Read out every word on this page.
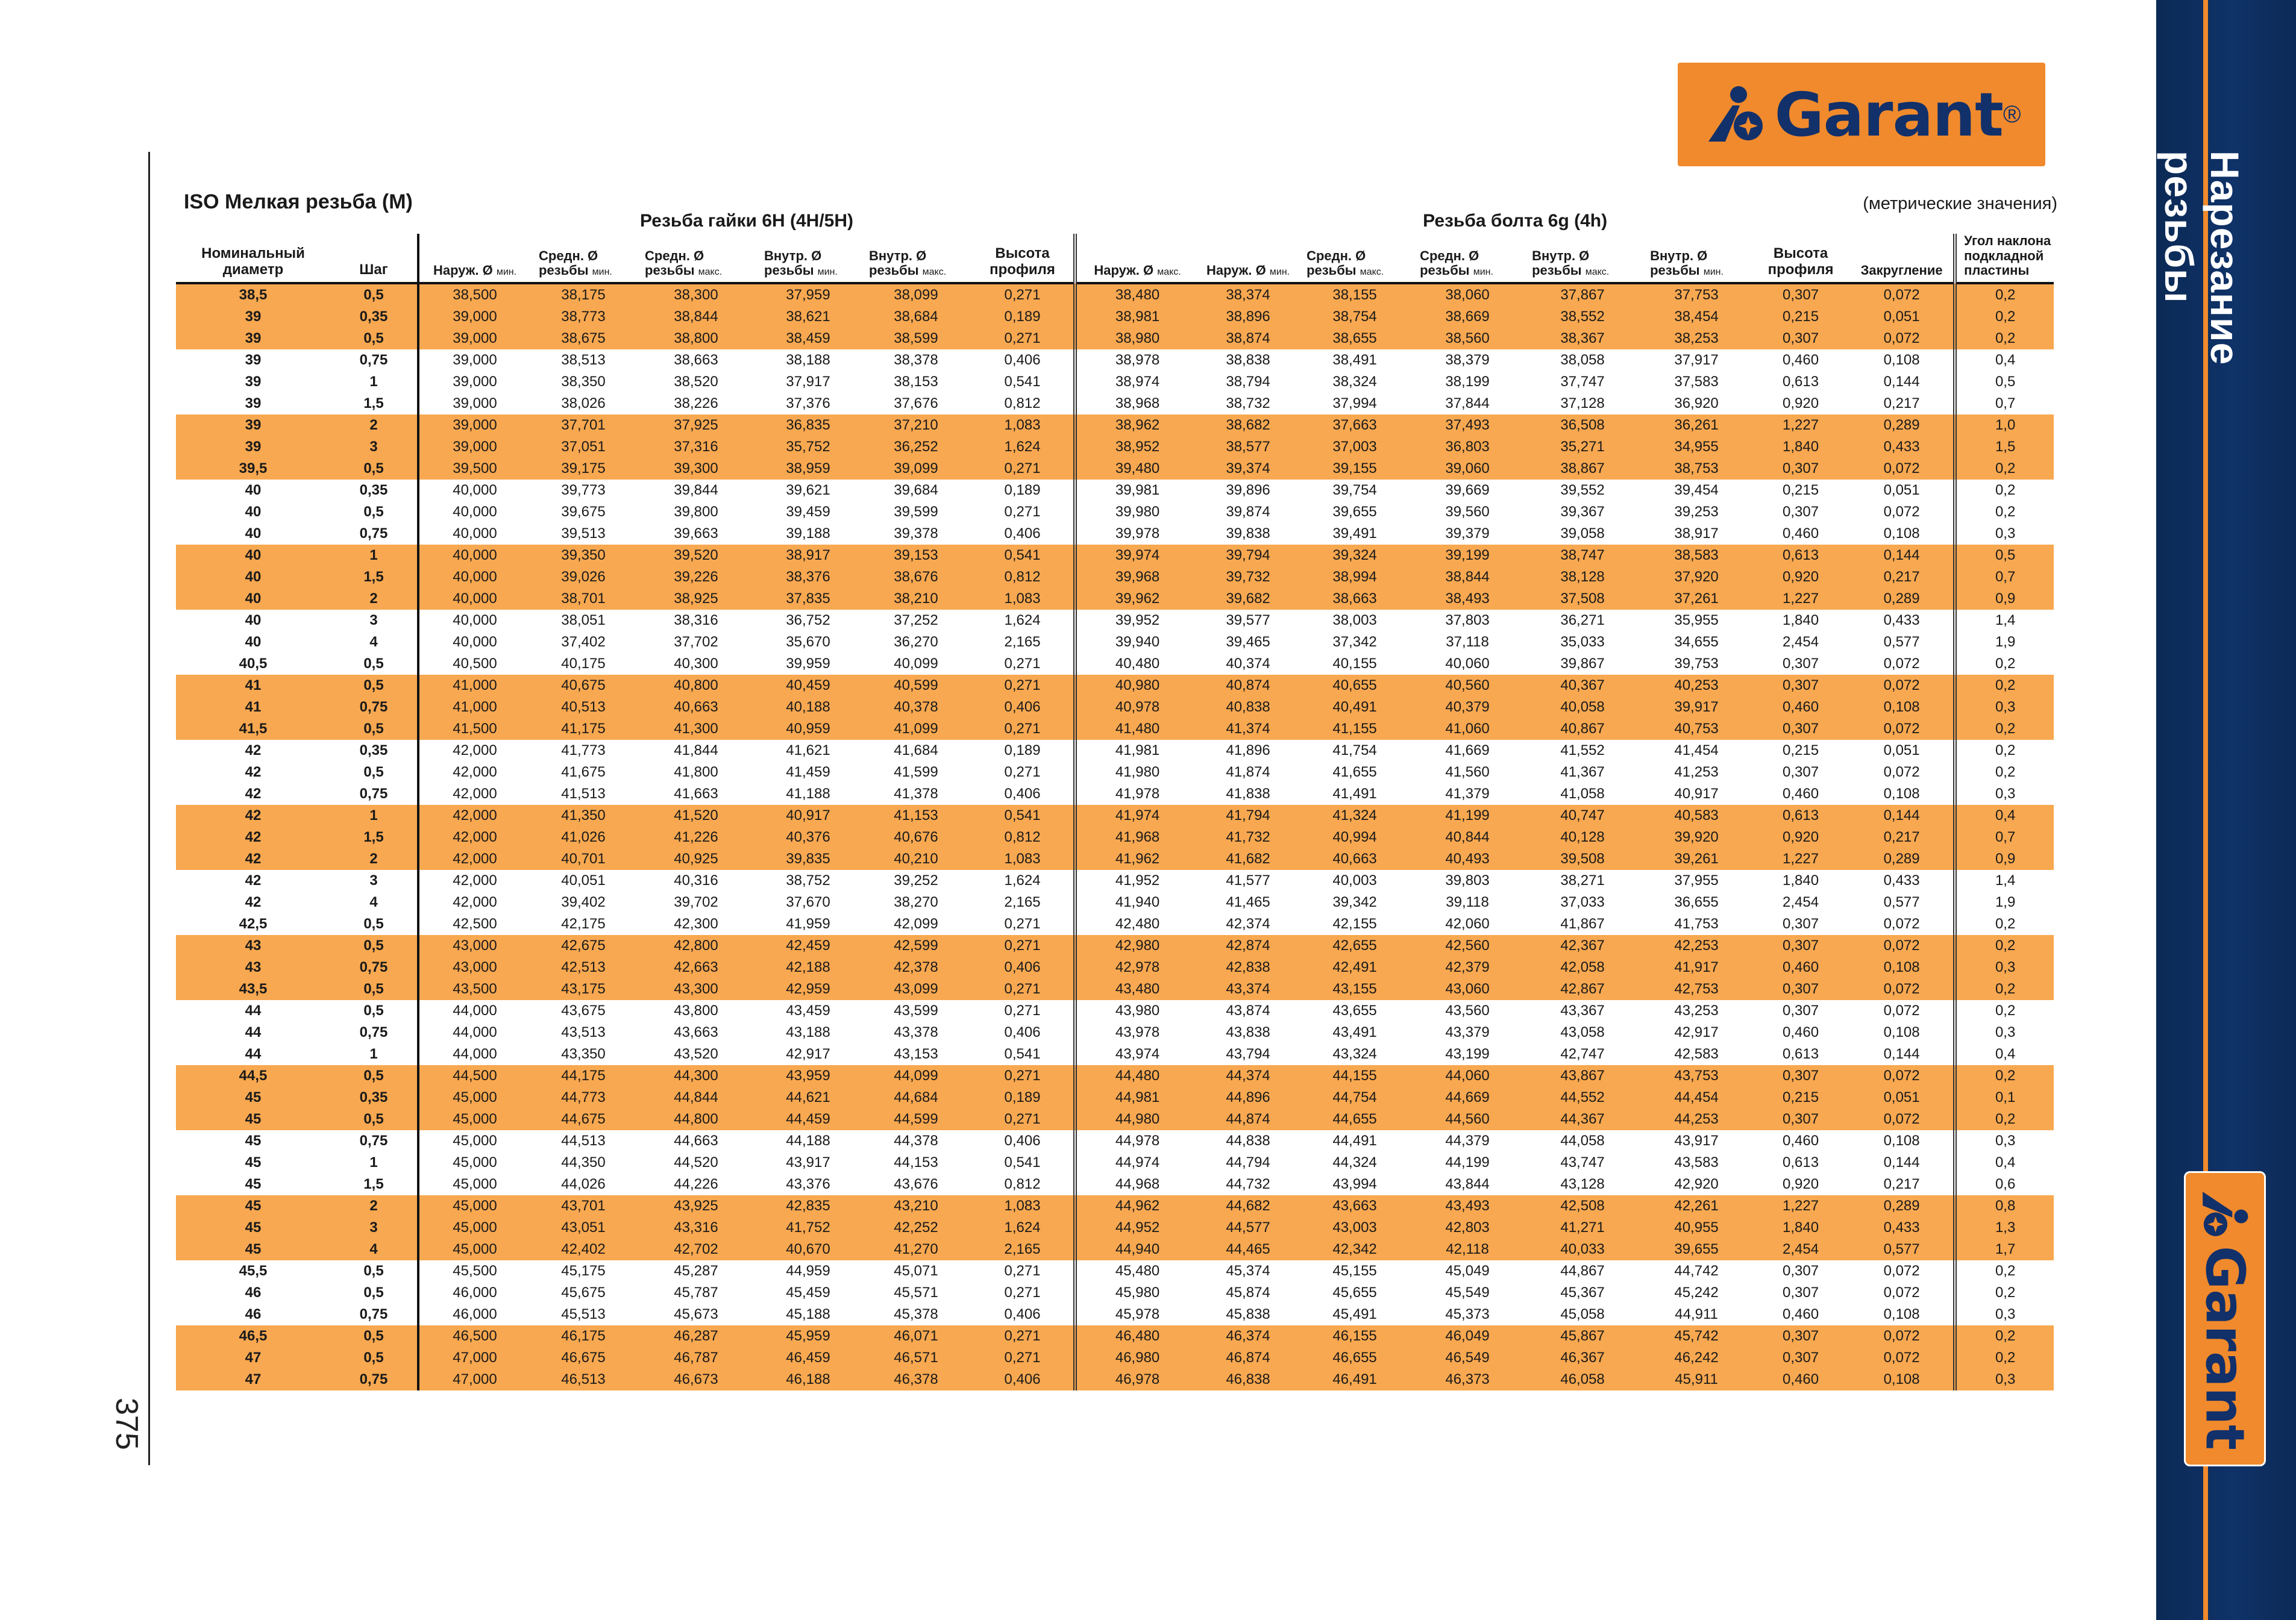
Нарезание резьбы
Garant ®
Garant
375
ISO Мелкая резьба (M)	(метрические значения)
		Резьба гайки 6H (4H/5H)						Резьба болта 6g (4h)								
Номинальный диаметр	Шаг	Наруж. Ø мин.	Средн. Ø резьбы мин.	Средн. Ø резьбы макс.	Внутр. Ø резьбы мин.	Внутр. Ø резьбы макс.	Высота профиля	Наруж. Ø макс.	Наруж. Ø мин.	Средн. Ø резьбы макс.	Средн. Ø резьбы мин.	Внутр. Ø резьбы макс.	Внутр. Ø резьбы мин.	Высота профиля	Закругление	Угол наклона подкладной пластины
38,5	0,5	38,500	38,175	38,300	37,959	38,099	0,271	38,480	38,374	38,155	38,060	37,867	37,753	0,307	0,072	0,2
39	0,35	39,000	38,773	38,844	38,621	38,684	0,189	38,981	38,896	38,754	38,669	38,552	38,454	0,215	0,051	0,2
39	0,5	39,000	38,675	38,800	38,459	38,599	0,271	38,980	38,874	38,655	38,560	38,367	38,253	0,307	0,072	0,2
39	0,75	39,000	38,513	38,663	38,188	38,378	0,406	38,978	38,838	38,491	38,379	38,058	37,917	0,460	0,108	0,4
39	1	39,000	38,350	38,520	37,917	38,153	0,541	38,974	38,794	38,324	38,199	37,747	37,583	0,613	0,144	0,5
39	1,5	39,000	38,026	38,226	37,376	37,676	0,812	38,968	38,732	37,994	37,844	37,128	36,920	0,920	0,217	0,7
39	2	39,000	37,701	37,925	36,835	37,210	1,083	38,962	38,682	37,663	37,493	36,508	36,261	1,227	0,289	1,0
39	3	39,000	37,051	37,316	35,752	36,252	1,624	38,952	38,577	37,003	36,803	35,271	34,955	1,840	0,433	1,5
39,5	0,5	39,500	39,175	39,300	38,959	39,099	0,271	39,480	39,374	39,155	39,060	38,867	38,753	0,307	0,072	0,2
40	0,35	40,000	39,773	39,844	39,621	39,684	0,189	39,981	39,896	39,754	39,669	39,552	39,454	0,215	0,051	0,2
40	0,5	40,000	39,675	39,800	39,459	39,599	0,271	39,980	39,874	39,655	39,560	39,367	39,253	0,307	0,072	0,2
40	0,75	40,000	39,513	39,663	39,188	39,378	0,406	39,978	39,838	39,491	39,379	39,058	38,917	0,460	0,108	0,3
40	1	40,000	39,350	39,520	38,917	39,153	0,541	39,974	39,794	39,324	39,199	38,747	38,583	0,613	0,144	0,5
40	1,5	40,000	39,026	39,226	38,376	38,676	0,812	39,968	39,732	38,994	38,844	38,128	37,920	0,920	0,217	0,7
40	2	40,000	38,701	38,925	37,835	38,210	1,083	39,962	39,682	38,663	38,493	37,508	37,261	1,227	0,289	0,9
40	3	40,000	38,051	38,316	36,752	37,252	1,624	39,952	39,577	38,003	37,803	36,271	35,955	1,840	0,433	1,4
40	4	40,000	37,402	37,702	35,670	36,270	2,165	39,940	39,465	37,342	37,118	35,033	34,655	2,454	0,577	1,9
40,5	0,5	40,500	40,175	40,300	39,959	40,099	0,271	40,480	40,374	40,155	40,060	39,867	39,753	0,307	0,072	0,2
41	0,5	41,000	40,675	40,800	40,459	40,599	0,271	40,980	40,874	40,655	40,560	40,367	40,253	0,307	0,072	0,2
41	0,75	41,000	40,513	40,663	40,188	40,378	0,406	40,978	40,838	40,491	40,379	40,058	39,917	0,460	0,108	0,3
41,5	0,5	41,500	41,175	41,300	40,959	41,099	0,271	41,480	41,374	41,155	41,060	40,867	40,753	0,307	0,072	0,2
42	0,35	42,000	41,773	41,844	41,621	41,684	0,189	41,981	41,896	41,754	41,669	41,552	41,454	0,215	0,051	0,2
42	0,5	42,000	41,675	41,800	41,459	41,599	0,271	41,980	41,874	41,655	41,560	41,367	41,253	0,307	0,072	0,2
42	0,75	42,000	41,513	41,663	41,188	41,378	0,406	41,978	41,838	41,491	41,379	41,058	40,917	0,460	0,108	0,3
42	1	42,000	41,350	41,520	40,917	41,153	0,541	41,974	41,794	41,324	41,199	40,747	40,583	0,613	0,144	0,4
42	1,5	42,000	41,026	41,226	40,376	40,676	0,812	41,968	41,732	40,994	40,844	40,128	39,920	0,920	0,217	0,7
42	2	42,000	40,701	40,925	39,835	40,210	1,083	41,962	41,682	40,663	40,493	39,508	39,261	1,227	0,289	0,9
42	3	42,000	40,051	40,316	38,752	39,252	1,624	41,952	41,577	40,003	39,803	38,271	37,955	1,840	0,433	1,4
42	4	42,000	39,402	39,702	37,670	38,270	2,165	41,940	41,465	39,342	39,118	37,033	36,655	2,454	0,577	1,9
42,5	0,5	42,500	42,175	42,300	41,959	42,099	0,271	42,480	42,374	42,155	42,060	41,867	41,753	0,307	0,072	0,2
43	0,5	43,000	42,675	42,800	42,459	42,599	0,271	42,980	42,874	42,655	42,560	42,367	42,253	0,307	0,072	0,2
43	0,75	43,000	42,513	42,663	42,188	42,378	0,406	42,978	42,838	42,491	42,379	42,058	41,917	0,460	0,108	0,3
43,5	0,5	43,500	43,175	43,300	42,959	43,099	0,271	43,480	43,374	43,155	43,060	42,867	42,753	0,307	0,072	0,2
44	0,5	44,000	43,675	43,800	43,459	43,599	0,271	43,980	43,874	43,655	43,560	43,367	43,253	0,307	0,072	0,2
44	0,75	44,000	43,513	43,663	43,188	43,378	0,406	43,978	43,838	43,491	43,379	43,058	42,917	0,460	0,108	0,3
44	1	44,000	43,350	43,520	42,917	43,153	0,541	43,974	43,794	43,324	43,199	42,747	42,583	0,613	0,144	0,4
44,5	0,5	44,500	44,175	44,300	43,959	44,099	0,271	44,480	44,374	44,155	44,060	43,867	43,753	0,307	0,072	0,2
45	0,35	45,000	44,773	44,844	44,621	44,684	0,189	44,981	44,896	44,754	44,669	44,552	44,454	0,215	0,051	0,1
45	0,5	45,000	44,675	44,800	44,459	44,599	0,271	44,980	44,874	44,655	44,560	44,367	44,253	0,307	0,072	0,2
45	0,75	45,000	44,513	44,663	44,188	44,378	0,406	44,978	44,838	44,491	44,379	44,058	43,917	0,460	0,108	0,3
45	1	45,000	44,350	44,520	43,917	44,153	0,541	44,974	44,794	44,324	44,199	43,747	43,583	0,613	0,144	0,4
45	1,5	45,000	44,026	44,226	43,376	43,676	0,812	44,968	44,732	43,994	43,844	43,128	42,920	0,920	0,217	0,6
45	2	45,000	43,701	43,925	42,835	43,210	1,083	44,962	44,682	43,663	43,493	42,508	42,261	1,227	0,289	0,8
45	3	45,000	43,051	43,316	41,752	42,252	1,624	44,952	44,577	43,003	42,803	41,271	40,955	1,840	0,433	1,3
45	4	45,000	42,402	42,702	40,670	41,270	2,165	44,940	44,465	42,342	42,118	40,033	39,655	2,454	0,577	1,7
45,5	0,5	45,500	45,175	45,287	44,959	45,071	0,271	45,480	45,374	45,155	45,049	44,867	44,742	0,307	0,072	0,2
46	0,5	46,000	45,675	45,787	45,459	45,571	0,271	45,980	45,874	45,655	45,549	45,367	45,242	0,307	0,072	0,2
46	0,75	46,000	45,513	45,673	45,188	45,378	0,406	45,978	45,838	45,491	45,373	45,058	44,911	0,460	0,108	0,3
46,5	0,5	46,500	46,175	46,287	45,959	46,071	0,271	46,480	46,374	46,155	46,049	45,867	45,742	0,307	0,072	0,2
47	0,5	47,000	46,675	46,787	46,459	46,571	0,271	46,980	46,874	46,655	46,549	46,367	46,242	0,307	0,072	0,2
47	0,75	47,000	46,513	46,673	46,188	46,378	0,406	46,978	46,838	46,491	46,373	46,058	45,911	0,460	0,108	0,3
